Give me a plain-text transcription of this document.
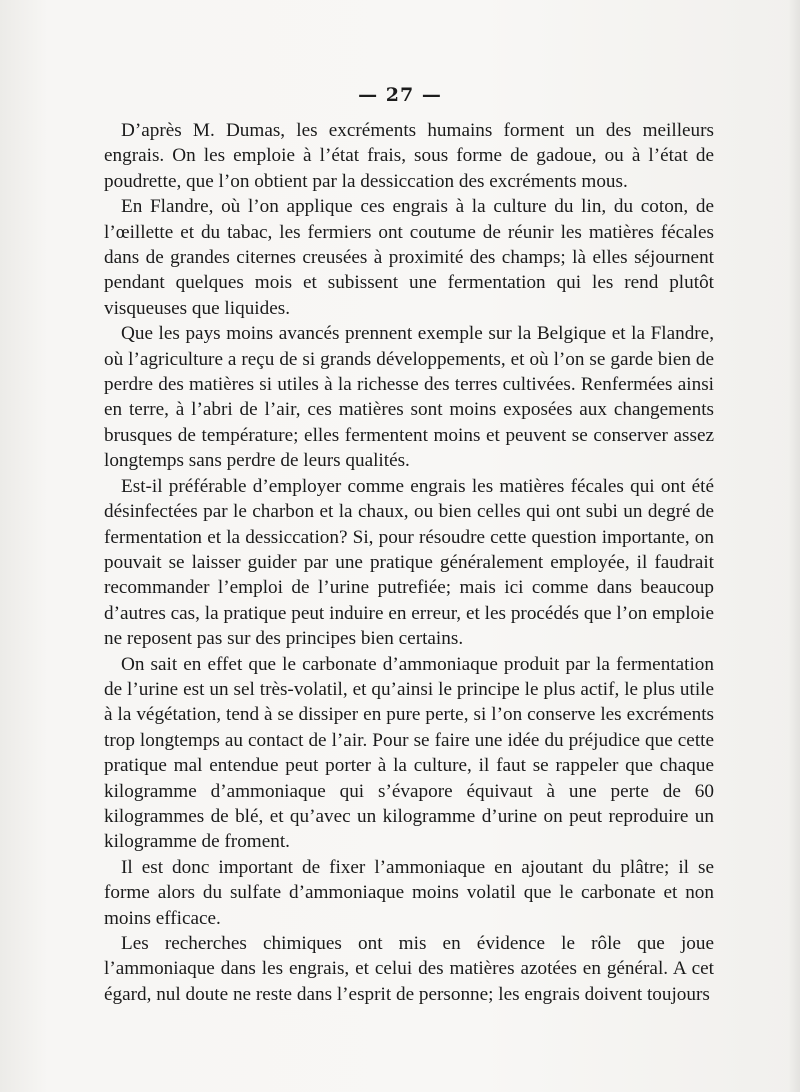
— 27 —

D’après M. Dumas, les excréments humains forment un des meilleurs engrais. On les emploie à l’état frais, sous forme de gadoue, ou à l’état de poudrette, que l’on obtient par la dessiccation des excréments mous.

En Flandre, où l’on applique ces engrais à la culture du lin, du coton, de l’œillette et du tabac, les fermiers ont coutume de réunir les matières fécales dans de grandes citernes creusées à proximité des champs; là elles séjournent pendant quelques mois et subissent une fermentation qui les rend plutôt visqueuses que liquides.

Que les pays moins avancés prennent exemple sur la Belgique et la Flandre, où l’agriculture a reçu de si grands développements, et où l’on se garde bien de perdre des matières si utiles à la richesse des terres cultivées. Renfermées ainsi en terre, à l’abri de l’air, ces matières sont moins exposées aux changements brusques de température; elles fermentent moins et peuvent se conserver assez longtemps sans perdre de leurs qualités.

Est-il préférable d’employer comme engrais les matières fécales qui ont été désinfectées par le charbon et la chaux, ou bien celles qui ont subi un degré de fermentation et la dessiccation? Si, pour résoudre cette question importante, on pouvait se laisser guider par une pratique généralement employée, il faudrait recommander l’emploi de l’urine putrefiée; mais ici comme dans beaucoup d’autres cas, la pratique peut induire en erreur, et les procédés que l’on emploie ne reposent pas sur des principes bien certains.

On sait en effet que le carbonate d’ammoniaque produit par la fermentation de l’urine est un sel très-volatil, et qu’ainsi le principe le plus actif, le plus utile à la végétation, tend à se dissiper en pure perte, si l’on conserve les excréments trop longtemps au contact de l’air. Pour se faire une idée du préjudice que cette pratique mal entendue peut porter à la culture, il faut se rappeler que chaque kilogramme d’ammoniaque qui s’évapore équivaut à une perte de 60 kilogrammes de blé, et qu’avec un kilogramme d’urine on peut reproduire un kilogramme de froment.

Il est donc important de fixer l’ammoniaque en ajoutant du plâtre; il se forme alors du sulfate d’ammoniaque moins volatil que le carbonate et non moins efficace.

Les recherches chimiques ont mis en évidence le rôle que joue l’ammoniaque dans les engrais, et celui des matières azotées en général. A cet égard, nul doute ne reste dans l’esprit de personne; les engrais doivent toujours
